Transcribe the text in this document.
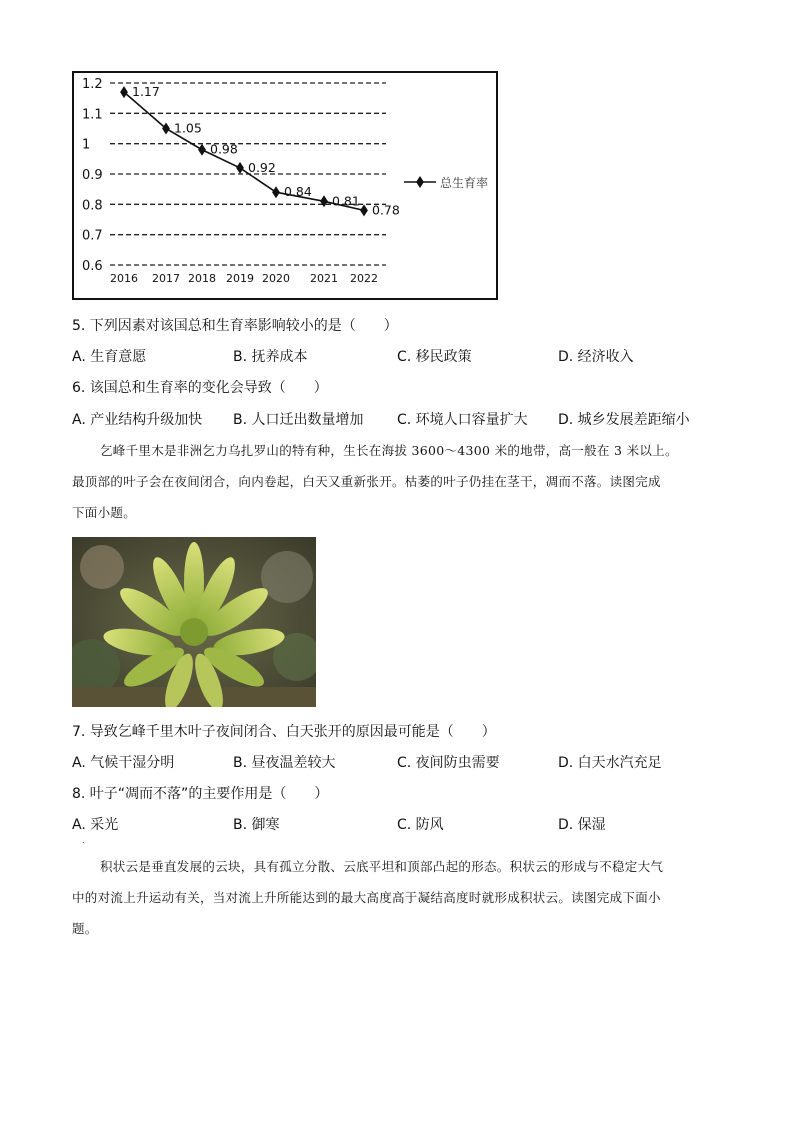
1.2
1.1
1
0.9
0.8
0.7
0.6
2016 2017 2018 2019 2020 2021 2022
1.17
1.05
0.98
0.92
0.84
0.81
0.78
总生育率
5. 下列因素对该国总和生育率影响较小的是（　　）
A. 生育意愿	B. 抚养成本	C. 移民政策	D. 经济收入
6. 该国总和生育率的变化会导致（　　）
A. 产业结构升级加快 B. 人口迁出数量增加 C. 环境人口容量扩大 D. 城乡发展差距缩小
乞峰千里木是非洲乞力乌扎罗山的特有种，生长在海拔 3600～4300 米的地带，高一般在 3 米以上。
最顶部的叶子会在夜间闭合，向内卷起，白天又重新张开。枯萎的叶子仍挂在茎干，凋而不落。读图完成
下面小题。
7. 导致乞峰千里木叶子夜间闭合、白天张开的原因最可能是（　　）
A. 气候干湿分明	B. 昼夜温差较大	C. 夜间防虫需要	D. 白天水汽充足
8. 叶子“凋而不落”的主要作用是（　　）
A. 采光	B. 御寒	C. 防风	D. 保湿
.
积状云是垂直发展的云块，具有孤立分散、云底平坦和顶部凸起的形态。积状云的形成与不稳定大气
中的对流上升运动有关，当对流上升所能达到的最大高度高于凝结高度时就形成积状云。读图完成下面小
题。
